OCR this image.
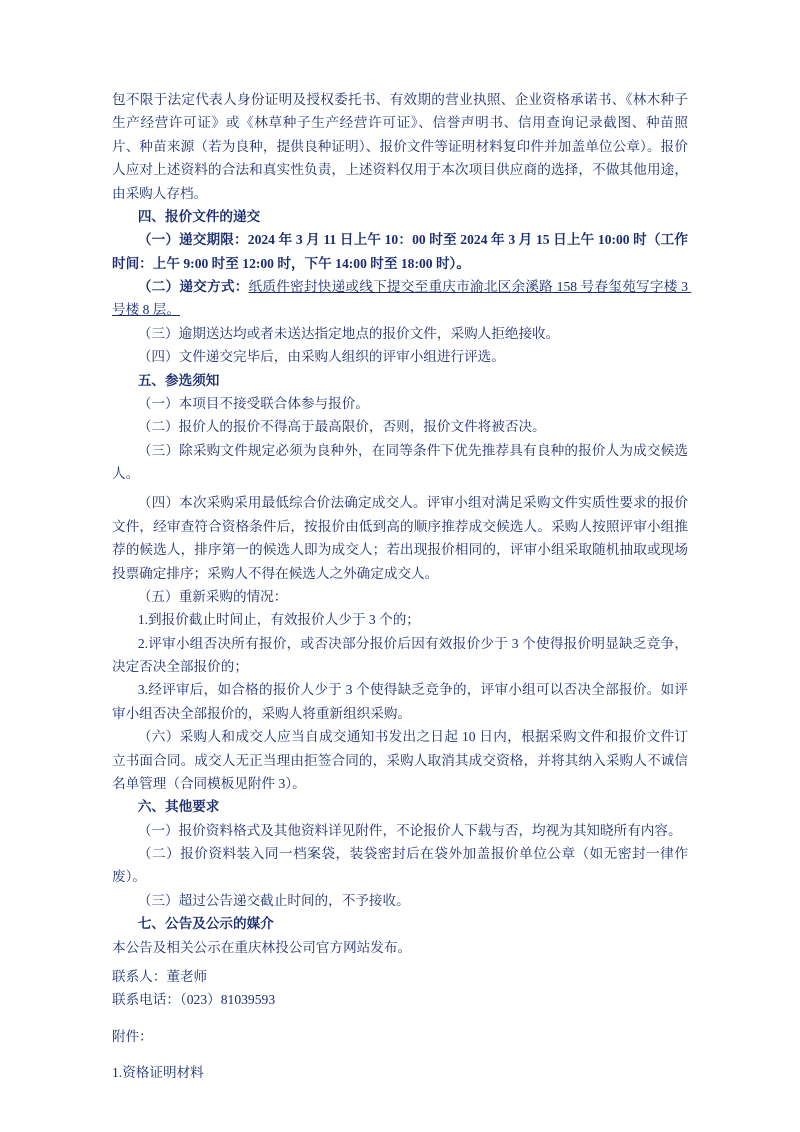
包不限于法定代表人身份证明及授权委托书、有效期的营业执照、企业资格承诺书、《林木种子生产经营许可证》或《林草种子生产经营许可证》、信誉声明书、信用查询记录截图、种苗照片、种苗来源（若为良种，提供良种证明）、报价文件等证明材料复印件并加盖单位公章）。报价人应对上述资料的合法和真实性负责，上述资料仅用于本次项目供应商的选择，不做其他用途，由采购人存档。

四、报价文件的递交

（一）递交期限：2024 年 3 月 11 日上午 10：00 时至 2024 年 3 月 15 日上午 10:00 时（工作时间：上午 9:00 时至 12:00 时，下午 14:00 时至 18:00 时）。

（二）递交方式：纸质件密封快递或线下提交至重庆市渝北区余溪路 158 号春玺苑写字楼 3 号楼 8 层。

（三）逾期送达均或者未送达指定地点的报价文件，采购人拒绝接收。

（四）文件递交完毕后，由采购人组织的评审小组进行评选。

五、参选须知

（一）本项目不接受联合体参与报价。

（二）报价人的报价不得高于最高限价，否则，报价文件将被否决。

（三）除采购文件规定必须为良种外，在同等条件下优先推荐具有良种的报价人为成交候选人。

（四）本次采购采用最低综合价法确定成交人。评审小组对满足采购文件实质性要求的报价文件，经审查符合资格条件后，按报价由低到高的顺序推荐成交候选人。采购人按照评审小组推荐的候选人，排序第一的候选人即为成交人；若出现报价相同的，评审小组采取随机抽取或现场投票确定排序；采购人不得在候选人之外确定成交人。

（五）重新采购的情况：

1.到报价截止时间止，有效报价人少于 3 个的；

2.评审小组否决所有报价，或否决部分报价后因有效报价少于 3 个使得报价明显缺乏竞争，决定否决全部报价的；

3.经评审后，如合格的报价人少于 3 个使得缺乏竞争的，评审小组可以否决全部报价。如评审小组否决全部报价的，采购人将重新组织采购。

（六）采购人和成交人应当自成交通知书发出之日起 10 日内，根据采购文件和报价文件订立书面合同。成交人无正当理由拒签合同的，采购人取消其成交资格，并将其纳入采购人不诚信名单管理（合同模板见附件 3）。

六、其他要求

（一）报价资料格式及其他资料详见附件，不论报价人下载与否，均视为其知晓所有内容。

（二）报价资料装入同一档案袋，装袋密封后在袋外加盖报价单位公章（如无密封一律作废）。

（三）超过公告递交截止时间的，不予接收。

七、公告及公示的媒介

本公告及相关公示在重庆林投公司官方网站发布。

联系人：董老师

联系电话：（023）81039593

附件：

1.资格证明材料
